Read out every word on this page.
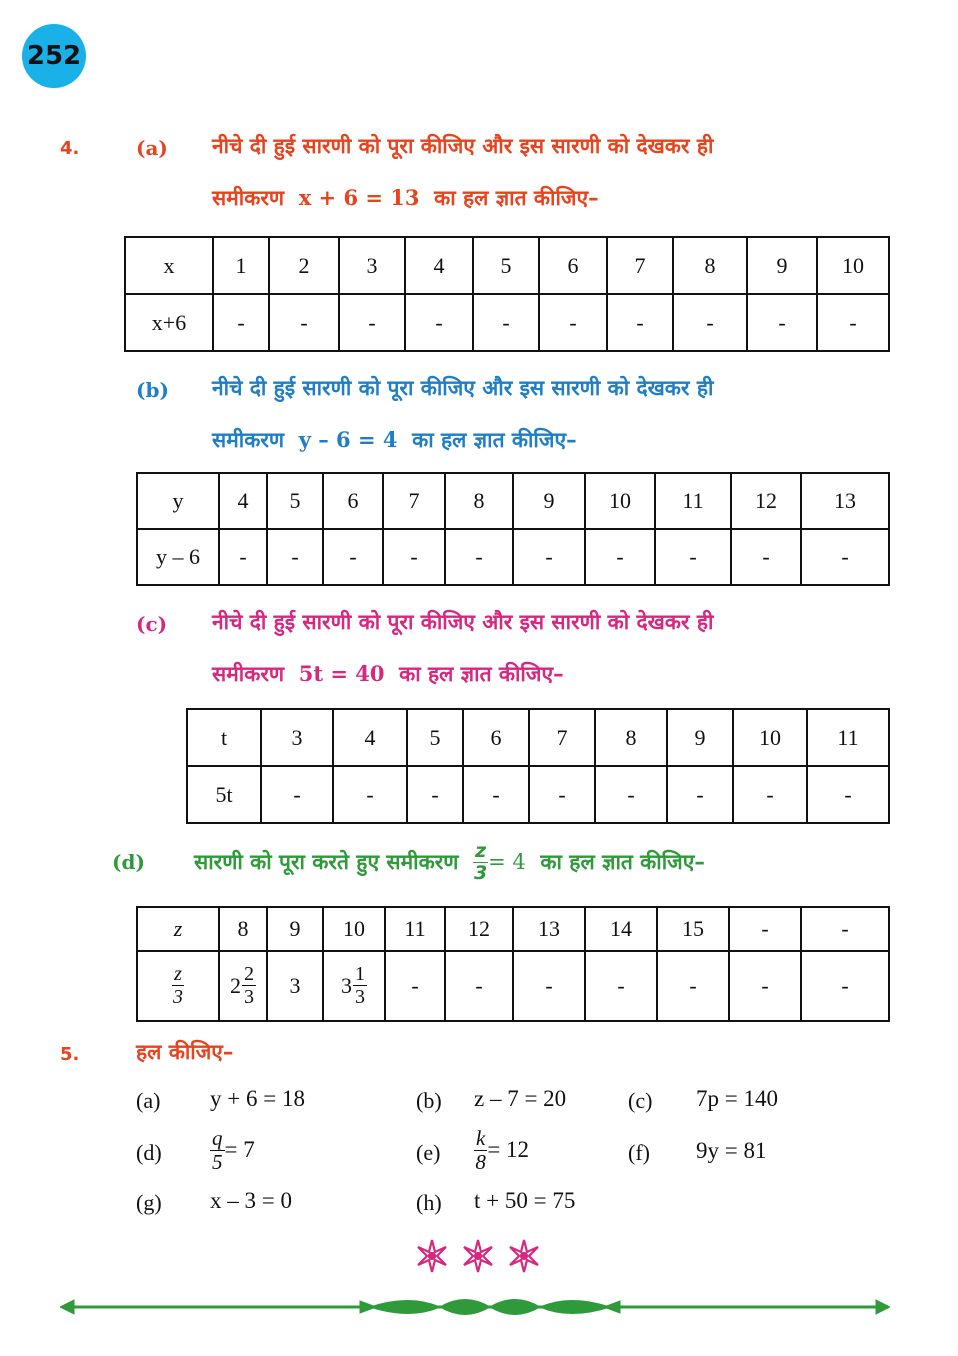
252
4.	(a) नीचे दी हुई सारणी को पूरा कीजिए और इस सारणी को देखकर ही
समीकरण x + 6 = 13 का हल ज्ञात कीजिए–
x	1	2	3	4	5	6	7	8	9	10
x+6	-	-	-	-	-	-	-	-	-	-
(b) नीचे दी हुई सारणी को पूरा कीजिए और इस सारणी को देखकर ही
समीकरण y – 6 = 4 का हल ज्ञात कीजिए–
y	4	5	6	7	8	9	10	11	12	13
y – 6	-	-	-	-	-	-	-	-	-	-
(c) नीचे दी हुई सारणी को पूरा कीजिए और इस सारणी को देखकर ही
समीकरण 5t = 40 का हल ज्ञात कीजिए–
t	3	4	5	6	7	8	9	10	11
5t	-	-	-	-	-	-	-	-	-
(d) सारणी को पूरा करते हुए समीकरण
$\frac{z}{3} = 4$
का हल ज्ञात कीजिए–
z	8	9	10	11	12	13	14	15	-	-

$\frac{z}{3}$	$2 \frac{2}{3}$	3	$3 \frac{1}{3}$	-	-	-	-	-	-	-
5.	हल कीजिए–
(a) y + 6 = 18	(b) z – 7 = 20	(c) 7p = 140
$(d) \frac{q}{5} = 7$	$(e) \frac{k}{8} = 12$	(f) 9y = 81
(g) x – 3 = 0	(h) t + 50 = 75
